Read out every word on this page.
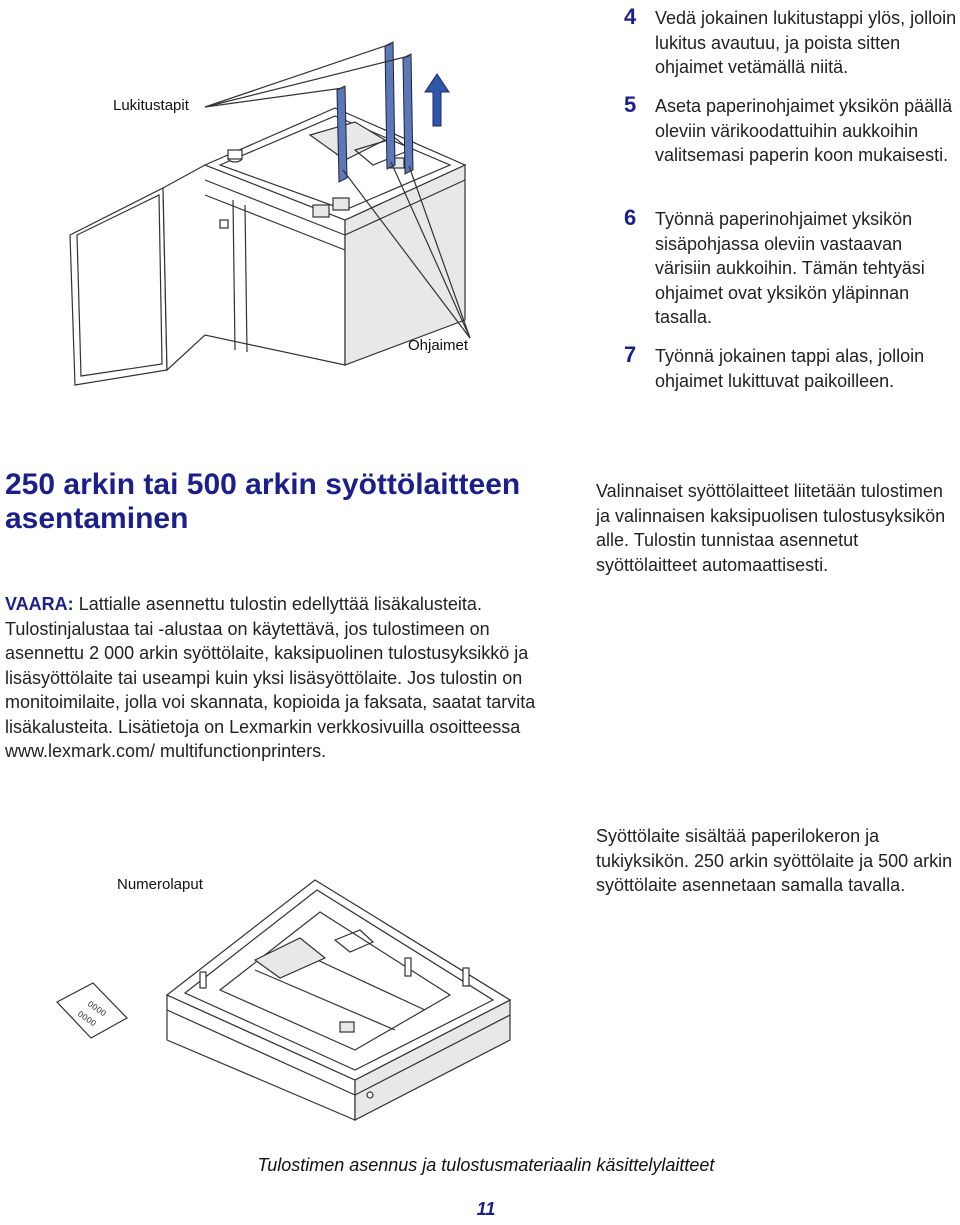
Lukitustapit
Ohjaimet
4 Vedä jokainen lukitustappi ylös, jolloin lukitus avautuu, ja poista sitten ohjaimet vetämällä niitä.
5 Aseta paperinohjaimet yksikön päällä oleviin värikoodattuihin aukkoihin valitsemasi paperin koon mukaisesti.
6 Työnnä paperinohjaimet yksikön sisäpohjassa oleviin vastaavan värisiin aukkoihin. Tämän tehtyäsi ohjaimet ovat yksikön yläpinnan tasalla.
7 Työnnä jokainen tappi alas, jolloin ohjaimet lukittuvat paikoilleen.
250 arkin tai 500 arkin syöttölaitteen asentaminen
VAARA: Lattialle asennettu tulostin edellyttää lisäkalusteita. Tulostinjalustaa tai -alustaa on käytettävä, jos tulostimeen on asennettu 2 000 arkin syöttölaite, kaksipuolinen tulostusyksikkö ja lisäsyöttölaite tai useampi kuin yksi lisäsyöttölaite. Jos tulostin on monitoimilaite, jolla voi skannata, kopioida ja faksata, saatat tarvita lisäkalusteita. Lisätietoja on Lexmarkin verkkosivuilla osoitteessa www.lexmark.com/ multifunctionprinters.
Valinnaiset syöttölaitteet liitetään tulostimen ja valinnaisen kaksipuolisen tulostusyksikön alle. Tulostin tunnistaa asennetut syöttölaitteet automaattisesti.
Syöttölaite sisältää paperilokeron ja tukiyksikön. 250 arkin syöttölaite ja 500 arkin syöttölaite asennetaan samalla tavalla.
0000
0000
Numerolaput
Tulostimen asennus ja tulostusmateriaalin käsittelylaitteet
11
